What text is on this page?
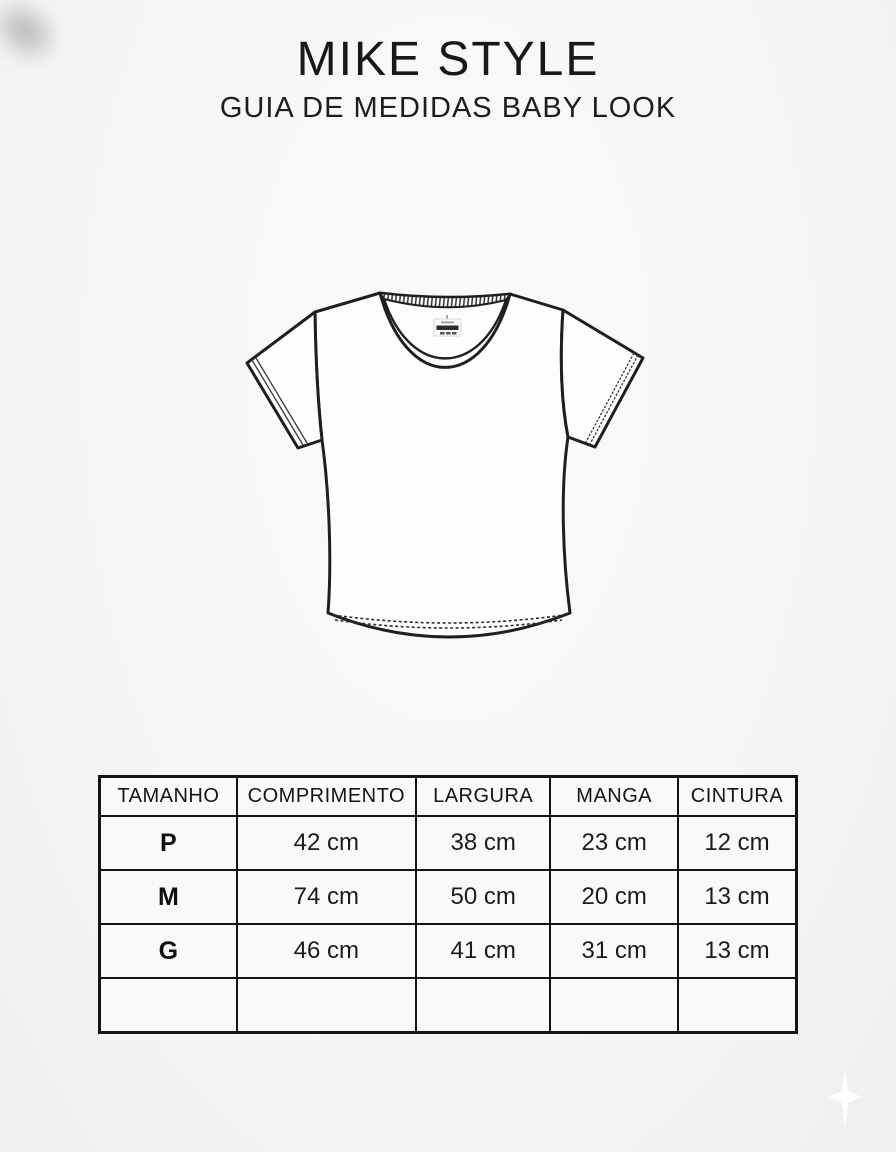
MIKE STYLE
GUIA DE MEDIDAS BABY LOOK
TAMANHO	COMPRIMENTO	LARGURA	MANGA	CINTURA
P	42 cm	38 cm	23 cm	12 cm
M	74 cm	50 cm	20 cm	13 cm
G	46 cm	41 cm	31 cm	13 cm
